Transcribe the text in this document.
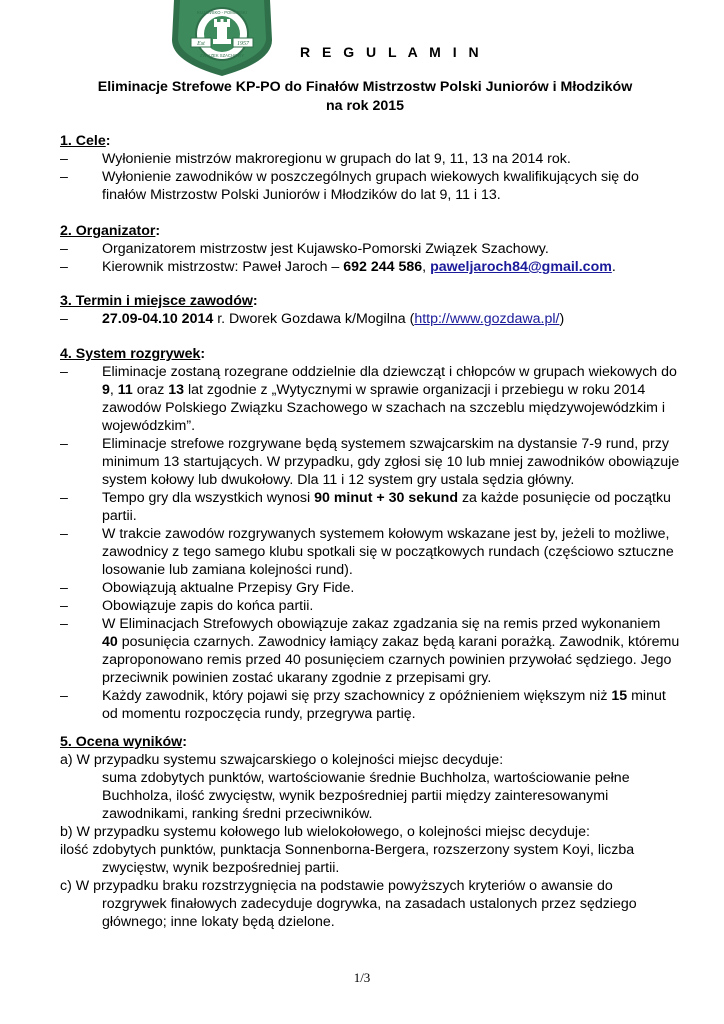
Est	1957
KUJAWSKO - POMORSKI
ZWIĄZEK SZACHOWY	R E G U L A M I N
Eliminacje Strefowe KP-PO do Finałów Mistrzostw Polski Juniorów i Młodzików
na rok 2015
1. Cele:
– Wyłonienie mistrzów makroregionu w grupach do lat 9, 11, 13 na 2014 rok.
– Wyłonienie zawodników w poszczególnych grupach wiekowych kwalifikujących się do finałów Mistrzostw Polski Juniorów i Młodzików do lat 9, 11 i 13.
2. Organizator:
– Organizatorem mistrzostw jest Kujawsko-Pomorski Związek Szachowy.
– Kierownik mistrzostw: Paweł Jaroch – 692 244 586, paweljaroch84@gmail.com.
3. Termin i miejsce zawodów:
– 27.09-04.10 2014 r. Dworek Gozdawa k/Mogilna (http://www.gozdawa.pl/)
4. System rozgrywek:
– Eliminacje zostaną rozegrane oddzielnie dla dziewcząt i chłopców w grupach wiekowych do 9, 11 oraz 13 lat zgodnie z „Wytycznymi w sprawie organizacji i przebiegu w roku 2014 zawodów Polskiego Związku Szachowego w szachach na szczeblu międzywojewódzkim i wojewódzkim”.
– Eliminacje strefowe rozgrywane będą systemem szwajcarskim na dystansie 7-9 rund, przy minimum 13 startujących. W przypadku, gdy zgłosi się 10 lub mniej zawodników obowiązuje system kołowy lub dwukołowy. Dla 11 i 12 system gry ustala sędzia główny.
– Tempo gry dla wszystkich wynosi 90 minut + 30 sekund za każde posunięcie od początku partii.
– W trakcie zawodów rozgrywanych systemem kołowym wskazane jest by, jeżeli to możliwe, zawodnicy z tego samego klubu spotkali się w początkowych rundach (częściowo sztuczne losowanie lub zamiana kolejności rund).
– Obowiązują aktualne Przepisy Gry Fide.
– Obowiązuje zapis do końca partii.
– W Eliminacjach Strefowych obowiązuje zakaz zgadzania się na remis przed wykonaniem 40 posunięcia czarnych. Zawodnicy łamiący zakaz będą karani porażką. Zawodnik, któremu zaproponowano remis przed 40 posunięciem czarnych powinien przywołać sędziego. Jego przeciwnik powinien zostać ukarany zgodnie z przepisami gry.
– Każdy zawodnik, który pojawi się przy szachownicy z opóźnieniem większym niż 15 minut od momentu rozpoczęcia rundy, przegrywa partię.
5. Ocena wyników:
a) W przypadku systemu szwajcarskiego o kolejności miejsc decyduje:
suma zdobytych punktów, wartościowanie średnie Buchholza, wartościowanie pełne Buchholza, ilość zwycięstw, wynik bezpośredniej partii między zainteresowanymi zawodnikami, ranking średni przeciwników.
b) W przypadku systemu kołowego lub wielokołowego, o kolejności miejsc decyduje:
ilość zdobytych punktów, punktacja Sonnenborna-Bergera, rozszerzony system Koyi, liczba zwycięstw, wynik bezpośredniej partii.
c) W przypadku braku rozstrzygnięcia na podstawie powyższych kryteriów o awansie do rozgrywek finałowych zadecyduje dogrywka, na zasadach ustalonych przez sędziego głównego; inne lokaty będą dzielone.
1/3
